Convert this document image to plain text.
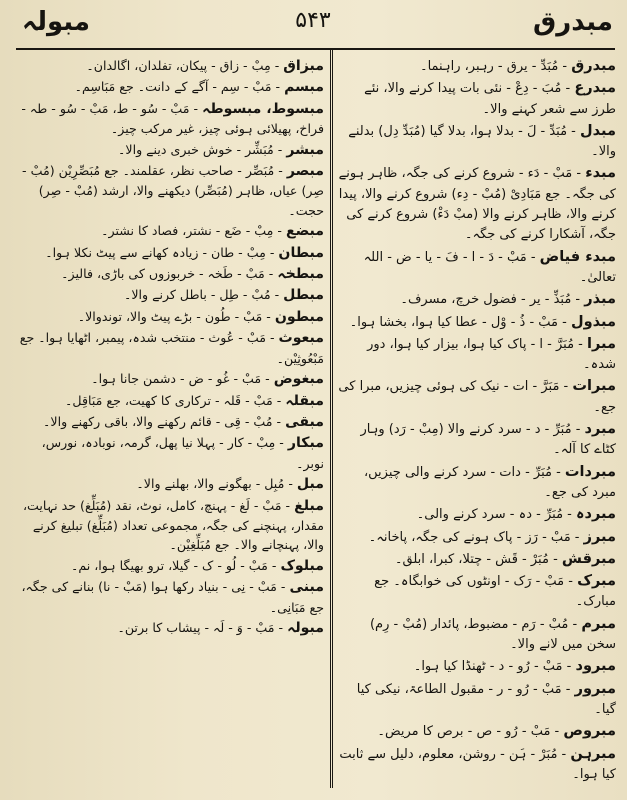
مبدرق
۵۴۳
مبولہ

مبدرق - مُبَدِّ - یرق - رہبر، راہنما۔

مبدرع - مُبَ - دِعْ - نئی بات پیدا کرنے والا، نئے طرز سے شعر کہنے والا۔

مبدل - مُبَدِّ - لَ - بدلا ہوا، بدلا گیا (مُبَدِّ دِل) بدلنے والا۔

مبدء - مَبْ - دَء - شروع کرنے کی جگہ، ظاہر ہونے کی جگہ۔ جع مَبَادِیْ (مُبْ - دِء) شروع کرنے والا، پیدا کرنے والا، ظاہر کرنے والا (مبْ دَءْ) شروع کرنے کی جگہ، آشکارا کرنے کی جگہ۔

مبدء فیاض - مَبْ - دَ - ا - فَ - یا - ض - اللہ تعالیٰ۔

مبذر - مُبَذِّ - یر - فضول خرچ، مسرف۔

مبذول - مَبْ - ذُ - وْل - عطا کیا ہوا، بخشا ہوا۔

مبرا - مُبَرَّ - ا - پاک کیا ہوا، بیزار کیا ہوا، دور شدہ۔

مبرات - مَبَرَّ - ات - نیک کی ہوئی چیزیں، مبرا کی جع۔

مبرد - مُبَرِّ - د - سرد کرنے والا (مِبْ - رَد) وہار کٹاے کا آلہ۔

مبردات - مُبَرِّ - دات - سرد کرنے والی چیزیں، مبرد کی جع۔

مبردہ - مُبَرِّ - دہ - سرد کرنے والی۔

مبرز - مَبْ - رَز - پاک ہونے کی جگہ، پاخانہ۔

مبرقش - مُبَرْ - قَش - چتلا، کبرا، ابلق۔

مبرک - مَبْ - رَک - اونٹوں کی خوابگاہ۔ جع مبارک۔

مبرم - مُبْ - رَم - مضبوط، پائدار (مُبْ - رِم) سخن میں لانے والا۔

مبرود - مَبْ - رُو - د - ٹھنڈا کیا ہوا۔

مبرور - مَبْ - رُو - ر - مقبول الطاعۃ، نیکی کیا گیا۔

مبروص - مَبْ - رُو - ص - برص کا مریض۔

مبرہن - مُبَرْ - ہَن - روشن، معلوم، دلیل سے ثابت کیا ہوا۔

مبزاق - مِبْ - زاق - پیکان، تفلدان، اگالدان۔

مبسم - مَبْ - سِم - آگے کے دانت۔ جع مَبَاسِم۔

مبسوط، مبسوطہ - مَبْ - سُو - ط، مَبْ - سُو - طہ - فراخ، پھیلائی ہوئی چیز، غیر مرکب چیز۔

مبشر - مُبَشِّر - خوش خبری دینے والا۔

مبصر - مُبَصِّر - صاحب نظر، عقلمند۔ جع مُبَصِّرِیْن (مُبْ - صِر) عیاں، ظاہر (مُبَصِّر) دیکھنے والا، ارشد (مُبْ - صِر) حجت۔

مبضع - مِبْ - ضَع - نشتر، فصاد کا نشتر۔

مبطان - مِبْ - طان - زیادہ کھانے سے پیٹ نکلا ہوا۔

مبطخہ - مَبْ - طَخہ - خربوزوں کی باڑی، فالیز۔

مبطل - مُبْ - طِل - باطل کرنے والا۔

مبطون - مَبْ - طُون - بڑے پیٹ والا، توندوالا۔

مبعوث - مَبْ - عُوث - منتخب شدہ، پیمبر، اٹھایا ہوا۔ جع مَبْعُوثِیْن۔

مبغوض - مَبْ - غُو - ض - دشمن جانا ہوا۔

مبقلہ - مَبْ - قَلہ - ترکاری کا کھیت، جع مَبَاقِل۔

مبقی - مُبْ - قِی - قائم رکھنے والا، باقی رکھنے والا۔

مبکار - مِبْ - کار - پہلا نیا پھل، گرمہ، نوبادہ، نورس، نوبر۔

مبل - مُبِل - بھگونے والا، بھلنے والا۔

مبلغ - مَبْ - لَغ - پہنچ، کامل، نوٹ، نقد (مُبَلِّغ) حد نہایت، مقدار، پہنچنے کی جگہ، مجموعی تعداد (مُبَلِّغ) تبلیغ کرنے والا، پہنچانے والا۔ جع مُبَلِّغِیْن۔

مبلوک - مَبْ - لُو - ک - گیلا، ترو بھیگا ہوا، نم۔

مبنی - مَبْ - نِی - بنیاد رکھا ہوا (مَبْ - نا) بنانے کی جگہ، جع مَبَانِی۔

مبولہ - مَبْ - وَ - لَہ - پیشاب کا برتن۔
